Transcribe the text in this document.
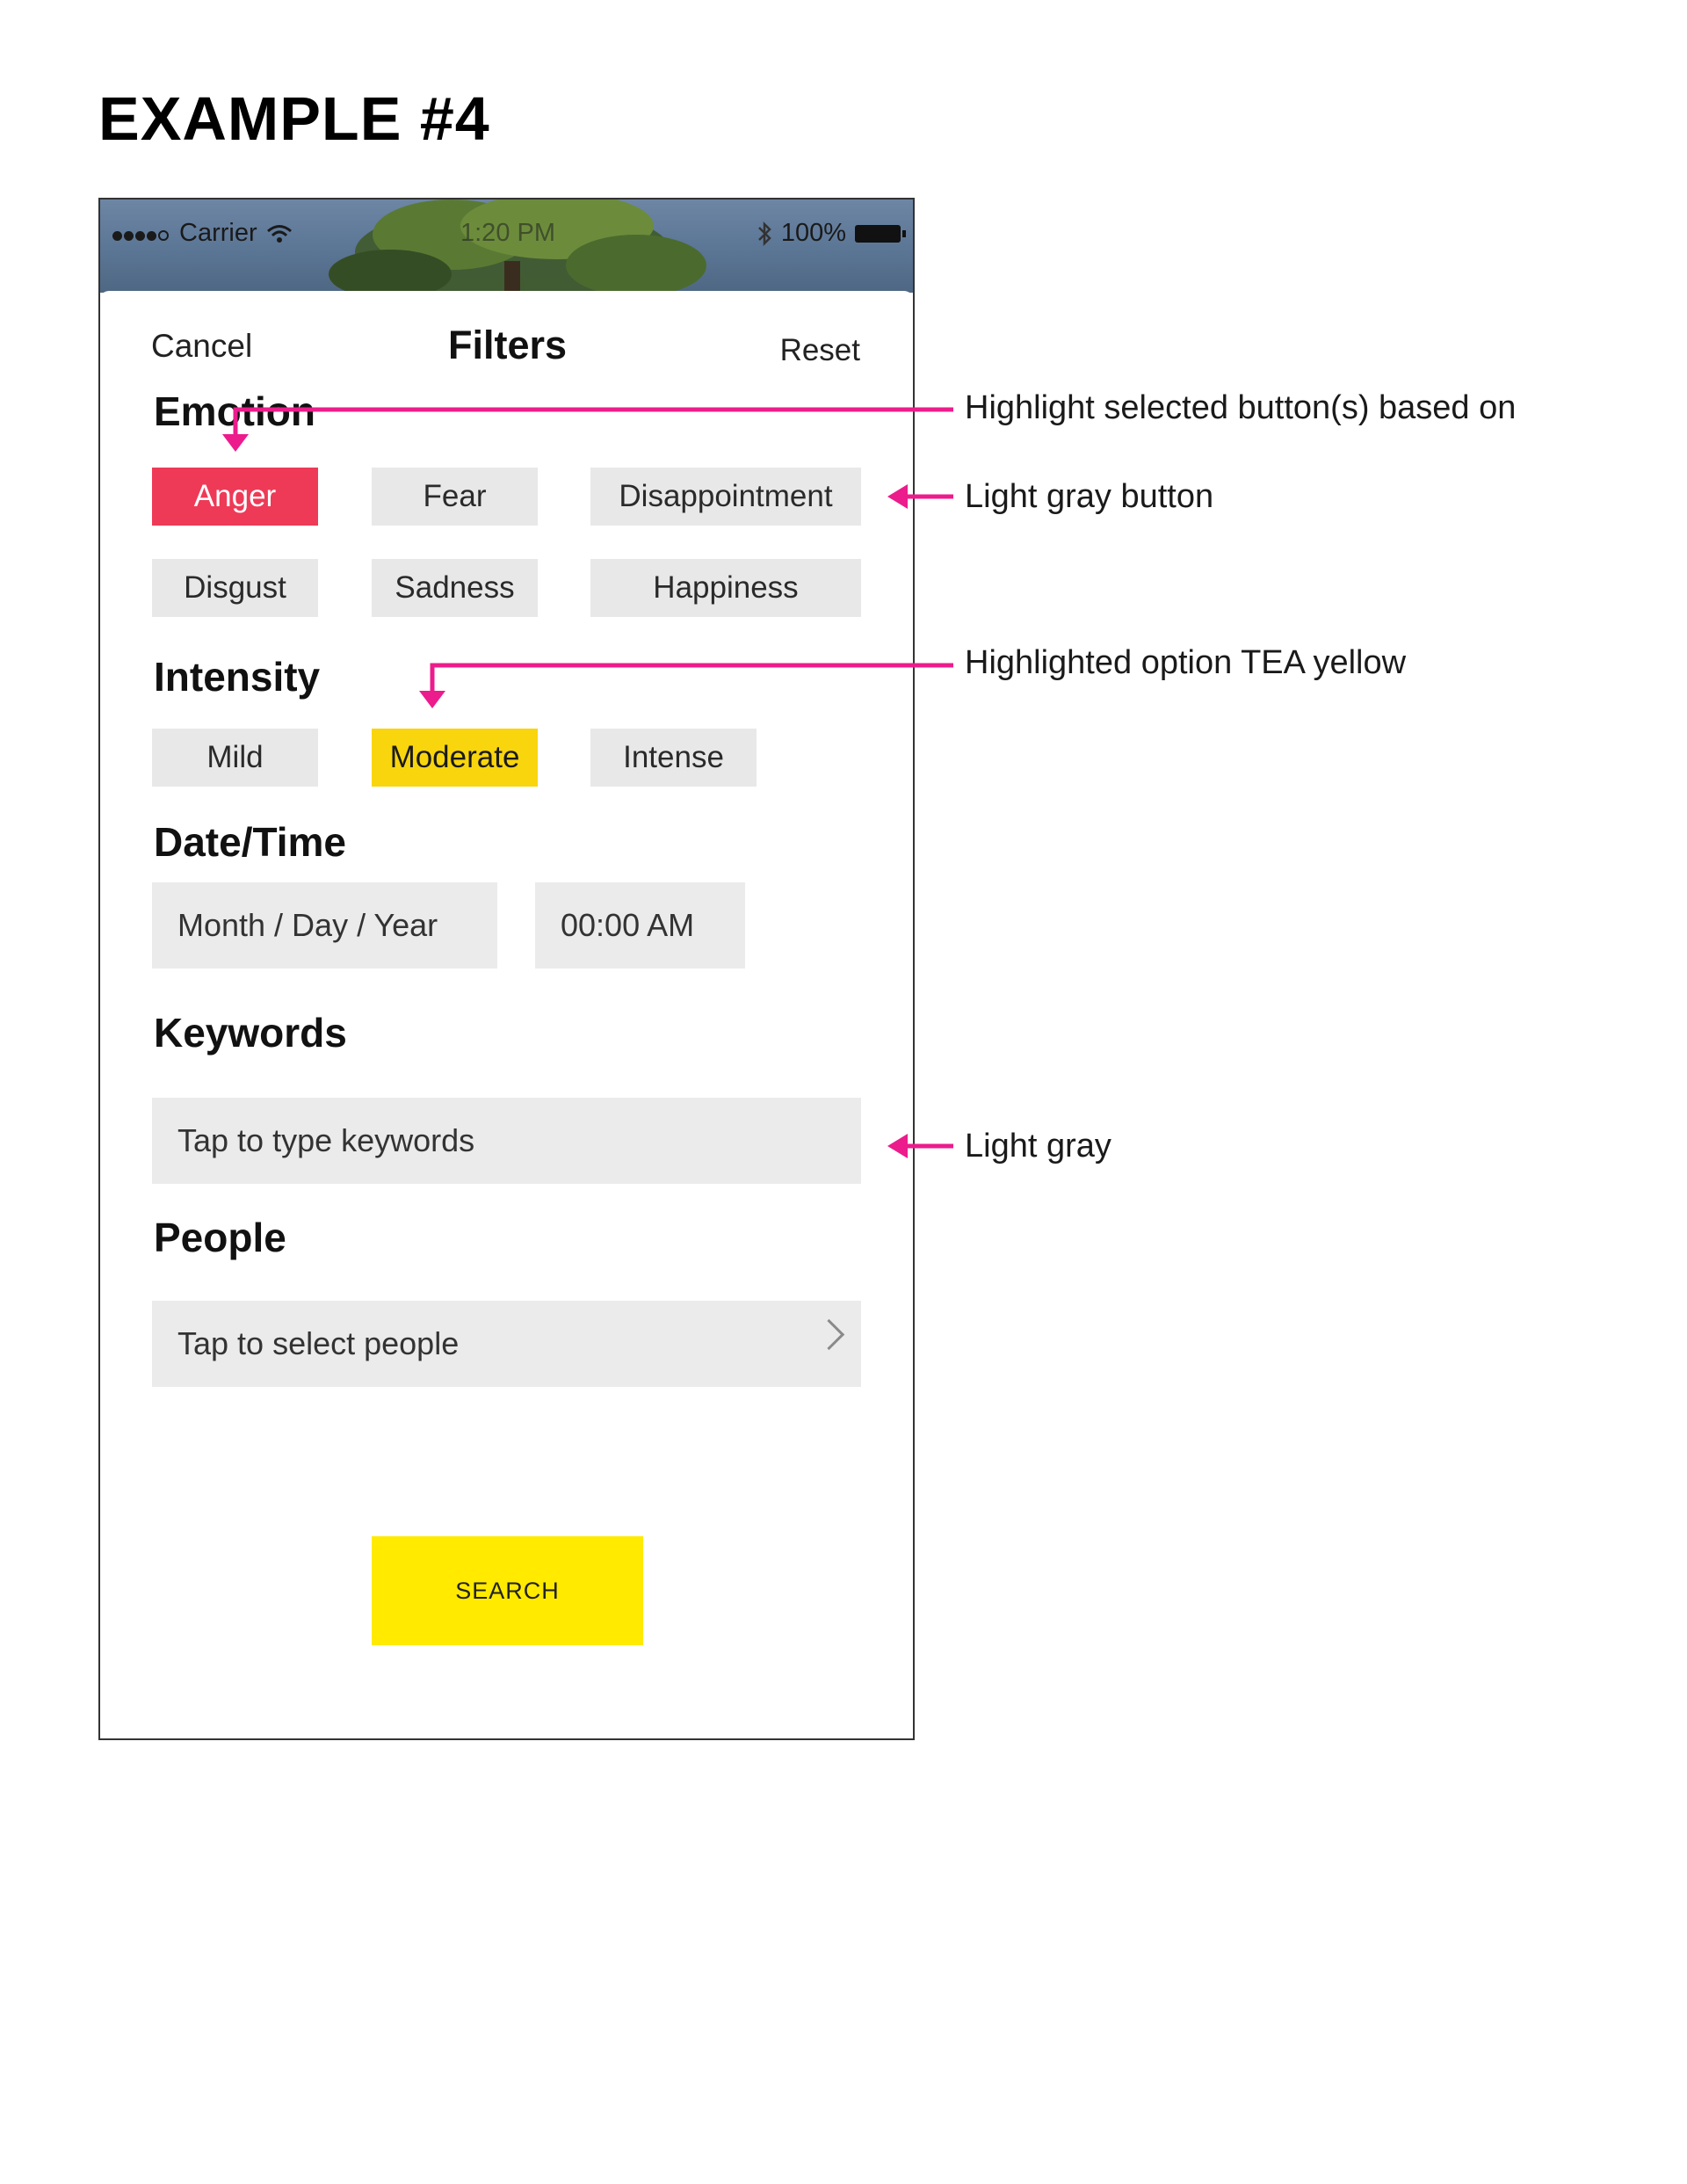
EXAMPLE #4
Carrier	1:20 PM	100%
Cancel	Filters	Reset
Emotion
Anger	Fear	Disappointment
Disgust	Sadness	Happiness
Intensity
Mild	Moderate	Intense
Date/Time
Month / Day / Year	00:00 AM
Keywords
Tap to type keywords
People
Tap to select people
SEARCH
Highlight selected button(s) based on
Light gray button
Highlighted option TEA yellow
Light gray
